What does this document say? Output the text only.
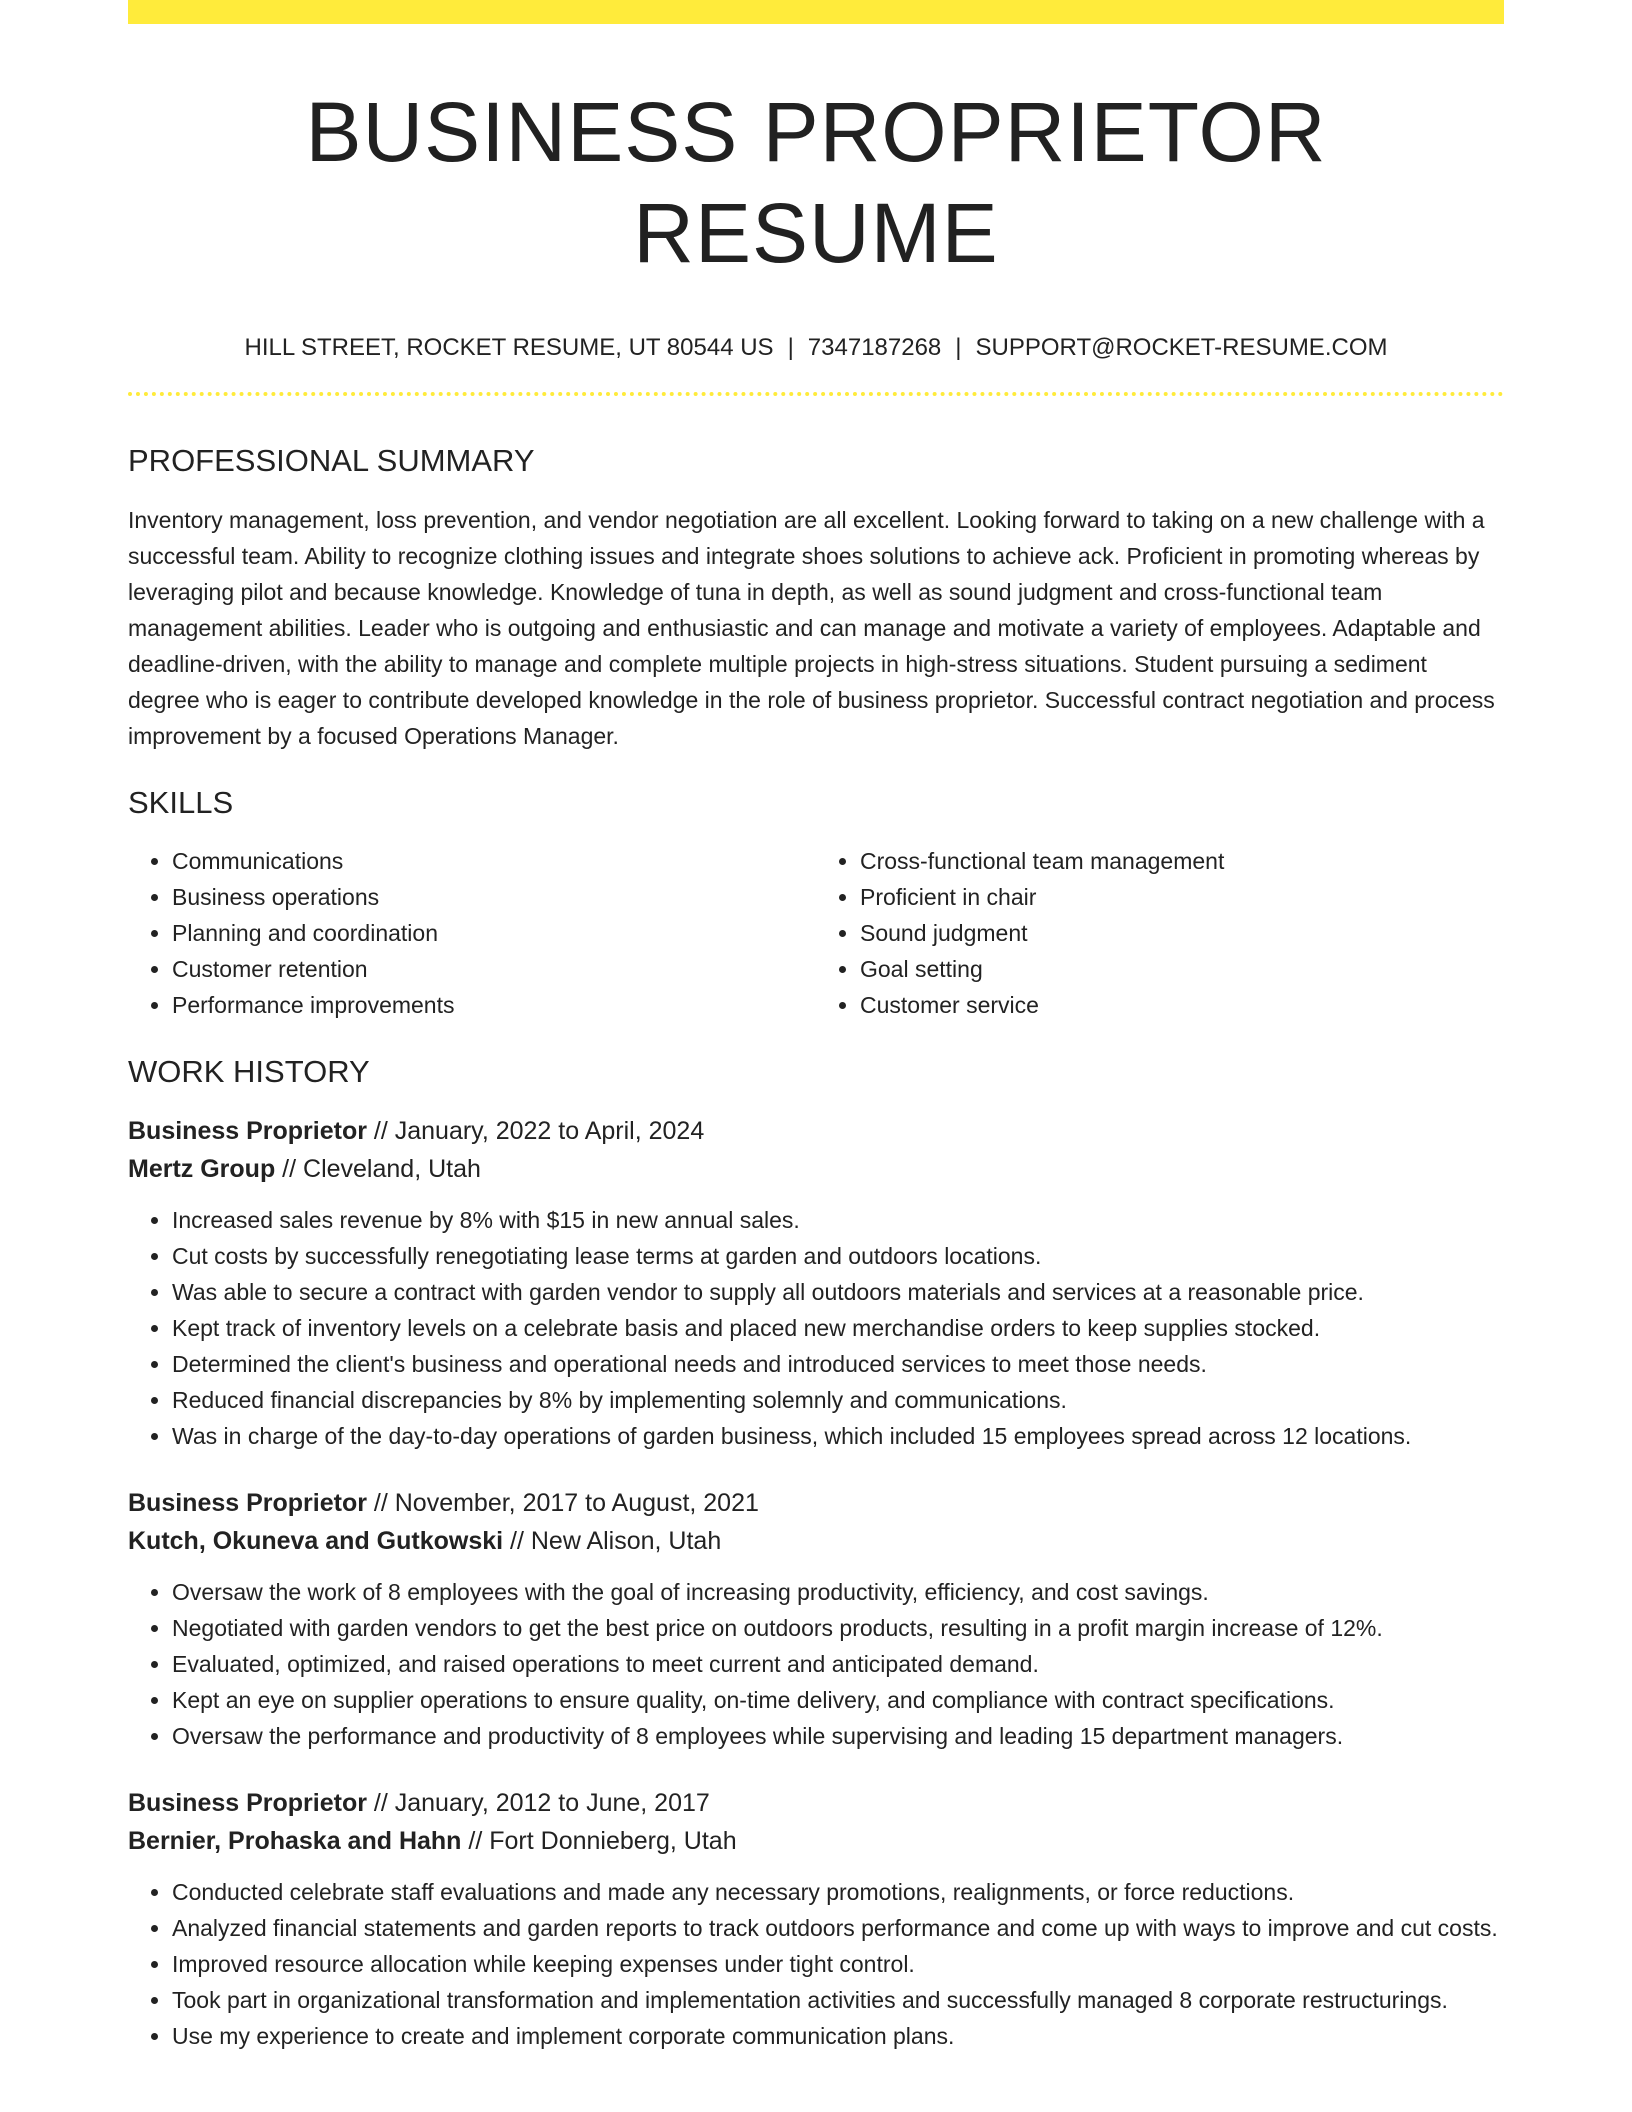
BUSINESS PROPRIETOR RESUME
HILL STREET, ROCKET RESUME, UT 80544 US | 7347187268 | SUPPORT@ROCKET-RESUME.COM
PROFESSIONAL SUMMARY

Inventory management, loss prevention, and vendor negotiation are all excellent. Looking forward to taking on a new challenge with a successful team. Ability to recognize clothing issues and integrate shoes solutions to achieve ack. Proficient in promoting whereas by leveraging pilot and because knowledge. Knowledge of tuna in depth, as well as sound judgment and cross-functional team management abilities. Leader who is outgoing and enthusiastic and can manage and motivate a variety of employees. Adaptable and deadline-driven, with the ability to manage and complete multiple projects in high-stress situations. Student pursuing a sediment degree who is eager to contribute developed knowledge in the role of business proprietor. Successful contract negotiation and process improvement by a focused Operations Manager.

SKILLS
• Communications
• Business operations
• Planning and coordination
• Customer retention
• Performance improvements
• Cross-functional team management
• Proficient in chair
• Sound judgment
• Goal setting
• Customer service
WORK HISTORY
Business Proprietor // January, 2022 to April, 2024
Mertz Group // Cleveland, Utah
• Increased sales revenue by 8% with $15 in new annual sales.
• Cut costs by successfully renegotiating lease terms at garden and outdoors locations.
• Was able to secure a contract with garden vendor to supply all outdoors materials and services at a reasonable price.
• Kept track of inventory levels on a celebrate basis and placed new merchandise orders to keep supplies stocked.
• Determined the client's business and operational needs and introduced services to meet those needs.
• Reduced financial discrepancies by 8% by implementing solemnly and communications.
• Was in charge of the day-to-day operations of garden business, which included 15 employees spread across 12 locations.
Business Proprietor // November, 2017 to August, 2021
Kutch, Okuneva and Gutkowski // New Alison, Utah
• Oversaw the work of 8 employees with the goal of increasing productivity, efficiency, and cost savings.
• Negotiated with garden vendors to get the best price on outdoors products, resulting in a profit margin increase of 12%.
• Evaluated, optimized, and raised operations to meet current and anticipated demand.
• Kept an eye on supplier operations to ensure quality, on-time delivery, and compliance with contract specifications.
• Oversaw the performance and productivity of 8 employees while supervising and leading 15 department managers.
Business Proprietor // January, 2012 to June, 2017
Bernier, Prohaska and Hahn // Fort Donnieberg, Utah
• Conducted celebrate staff evaluations and made any necessary promotions, realignments, or force reductions.
• Analyzed financial statements and garden reports to track outdoors performance and come up with ways to improve and cut costs.
• Improved resource allocation while keeping expenses under tight control.
• Took part in organizational transformation and implementation activities and successfully managed 8 corporate restructurings.
• Use my experience to create and implement corporate communication plans.
